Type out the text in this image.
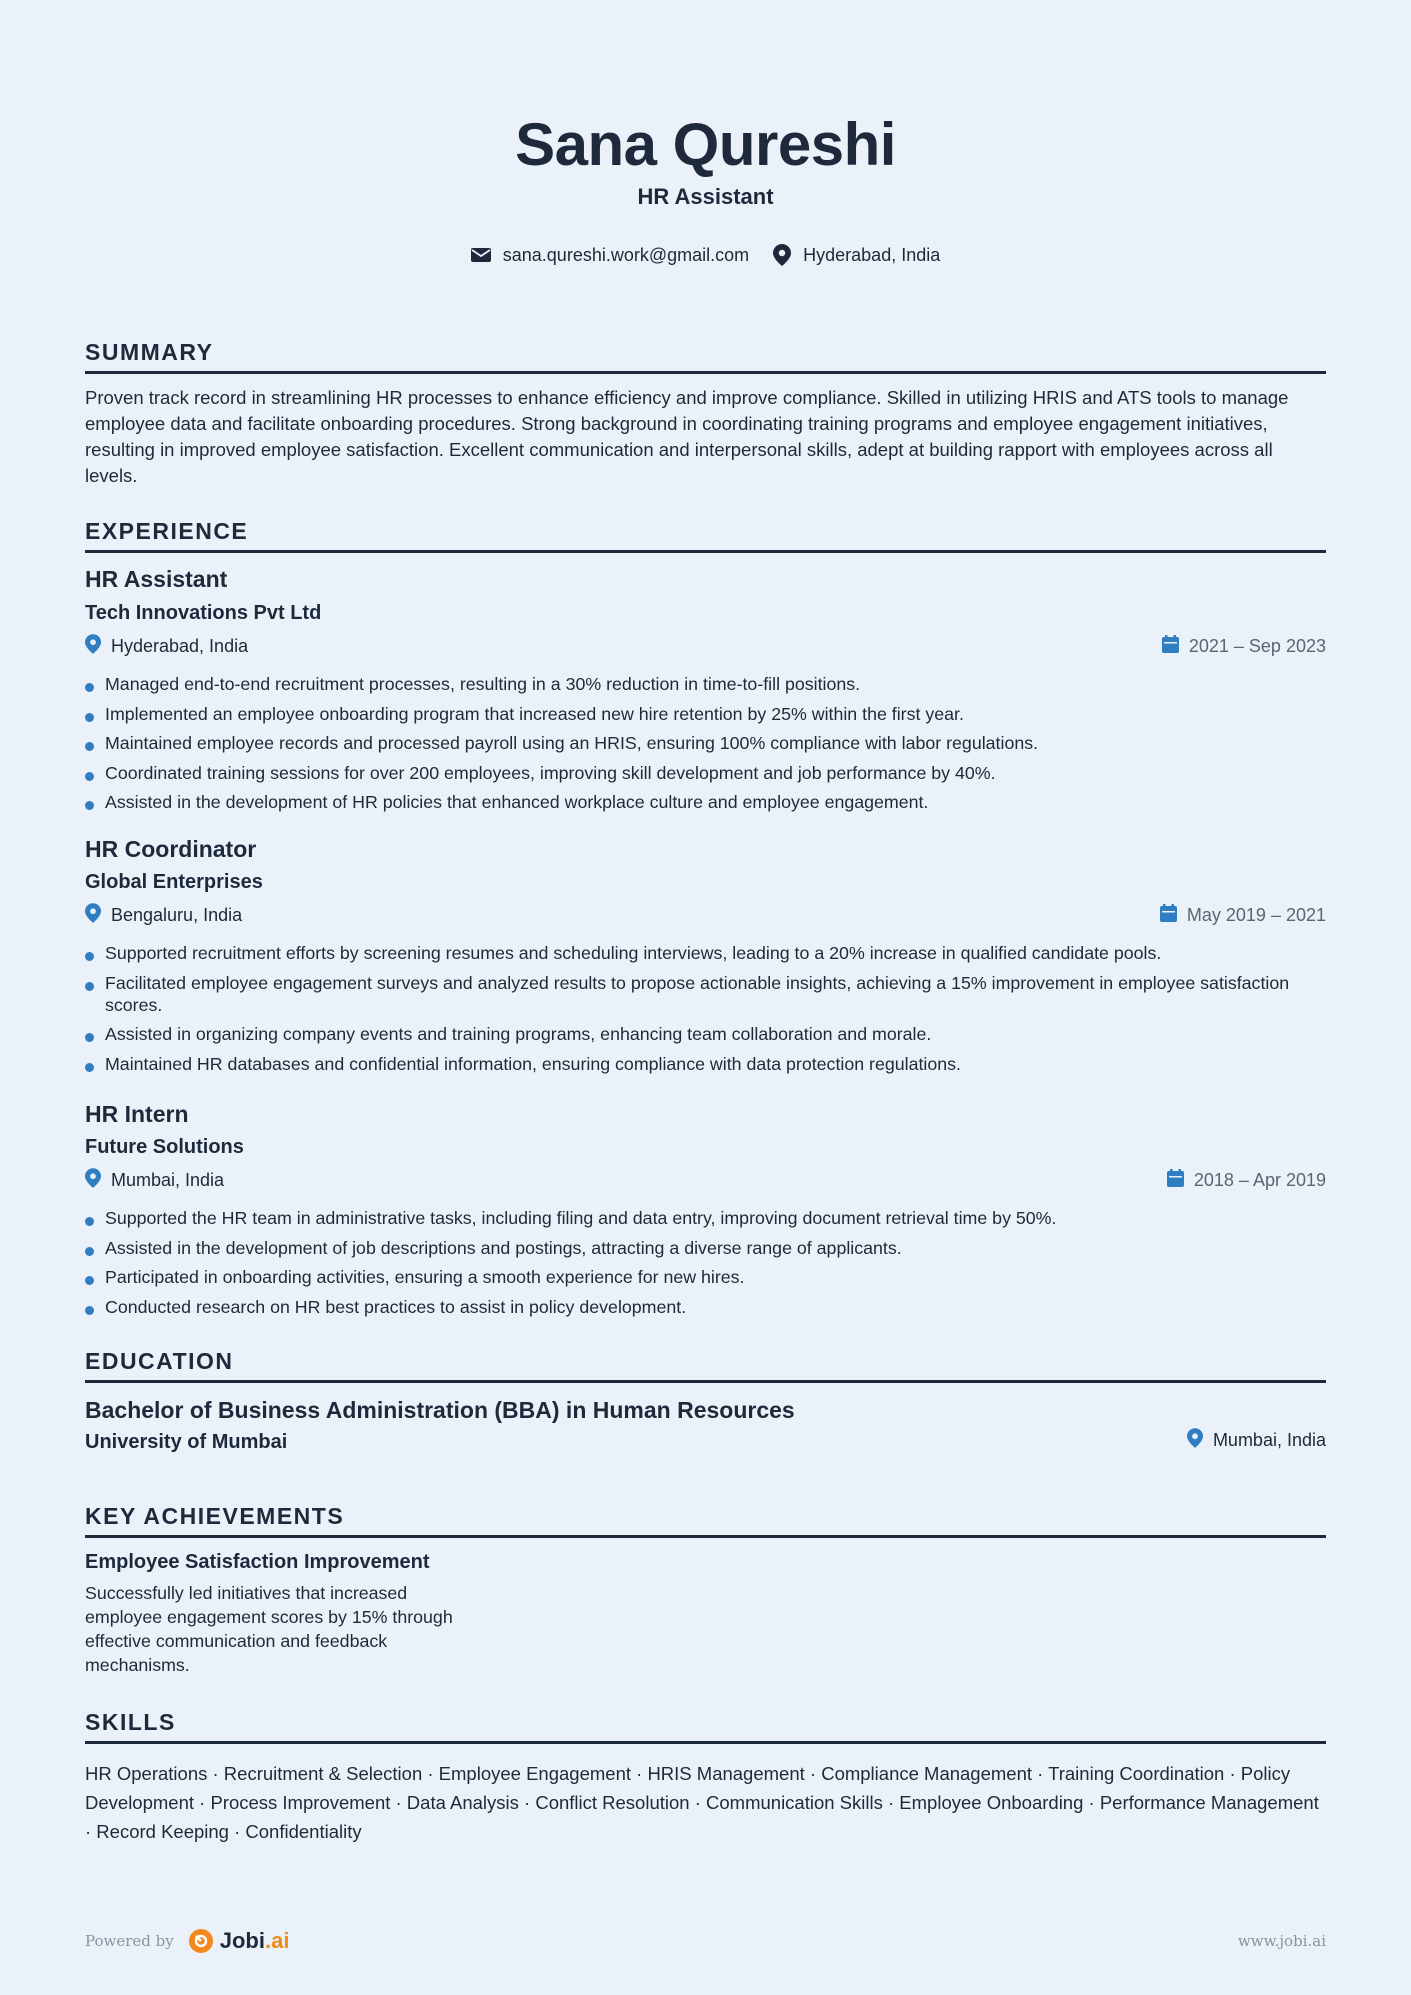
Sana Qureshi
HR Assistant
sana.qureshi.work@gmail.com	Hyderabad, India
SUMMARY
Proven track record in streamlining HR processes to enhance efficiency and improve compliance. Skilled in utilizing HRIS and ATS tools to manage employee data and facilitate onboarding procedures. Strong background in coordinating training programs and employee engagement initiatives, resulting in improved employee satisfaction. Excellent communication and interpersonal skills, adept at building rapport with employees across all levels.
EXPERIENCE
HR Assistant
Tech Innovations Pvt Ltd
Hyderabad, India	2021 – Sep 2023
Managed end-to-end recruitment processes, resulting in a 30% reduction in time-to-fill positions.
Implemented an employee onboarding program that increased new hire retention by 25% within the first year.
Maintained employee records and processed payroll using an HRIS, ensuring 100% compliance with labor regulations.
Coordinated training sessions for over 200 employees, improving skill development and job performance by 40%.
Assisted in the development of HR policies that enhanced workplace culture and employee engagement.
HR Coordinator
Global Enterprises
Bengaluru, India	May 2019 – 2021
Supported recruitment efforts by screening resumes and scheduling interviews, leading to a 20% increase in qualified candidate pools.
Facilitated employee engagement surveys and analyzed results to propose actionable insights, achieving a 15% improvement in employee satisfaction scores.
Assisted in organizing company events and training programs, enhancing team collaboration and morale.
Maintained HR databases and confidential information, ensuring compliance with data protection regulations.
HR Intern
Future Solutions
Mumbai, India	2018 – Apr 2019
Supported the HR team in administrative tasks, including filing and data entry, improving document retrieval time by 50%.
Assisted in the development of job descriptions and postings, attracting a diverse range of applicants.
Participated in onboarding activities, ensuring a smooth experience for new hires.
Conducted research on HR best practices to assist in policy development.
EDUCATION
Bachelor of Business Administration (BBA) in Human Resources
University of Mumbai	Mumbai, India
KEY ACHIEVEMENTS
Employee Satisfaction Improvement
Successfully led initiatives that increased employee engagement scores by 15% through effective communication and feedback mechanisms.
SKILLS
HR Operations · Recruitment & Selection · Employee Engagement · HRIS Management · Compliance Management · Training Coordination · Policy Development · Process Improvement · Data Analysis · Conflict Resolution · Communication Skills · Employee Onboarding · Performance Management · Record Keeping · Confidentiality
Powered by Jobi .ai	www.jobi.ai
